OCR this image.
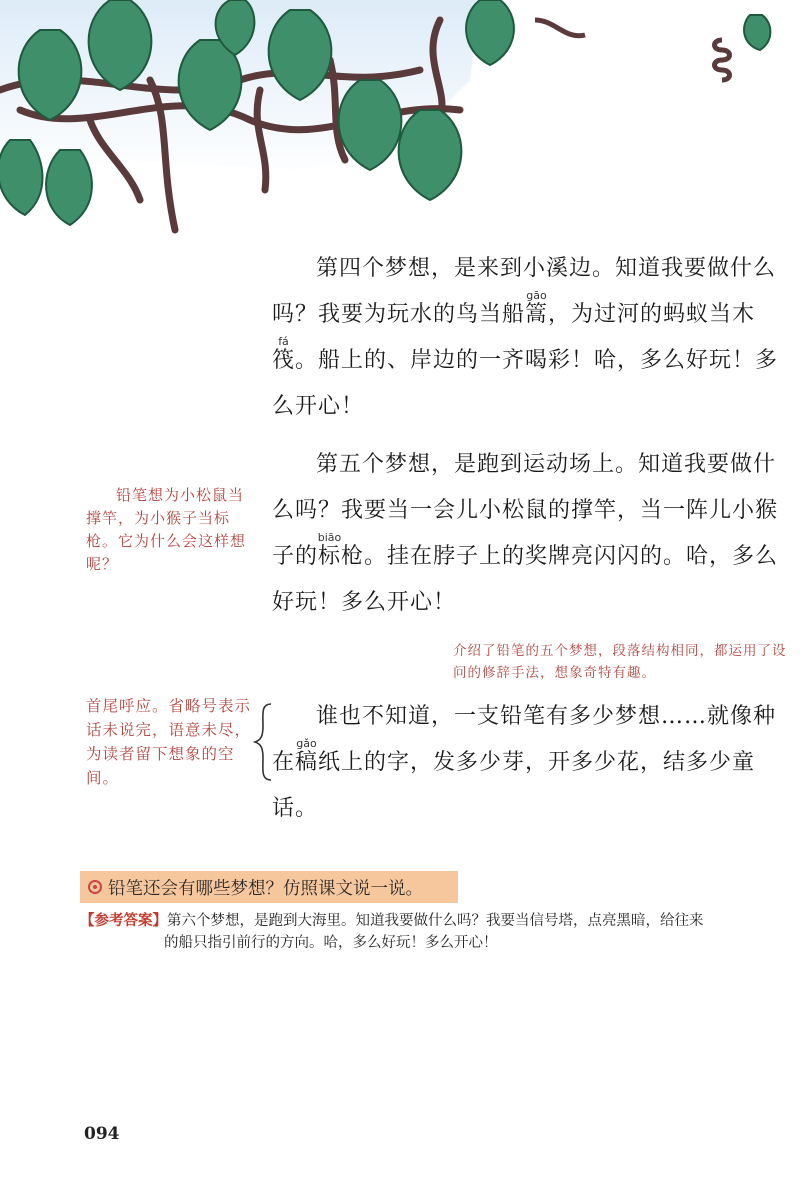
第四个梦想，是来到小溪边。知道我要做什么吗？我要为玩水的鸟当船篙gāo，为过河的蚂蚁当木筏fá。船上的、岸边的一齐喝彩！哈，多么好玩！多么开心！

第五个梦想，是跑到运动场上。知道我要做什么吗？我要当一会儿小松鼠的撑竿，当一阵儿小猴子的标biāo枪。挂在脖子上的奖牌亮闪闪的。哈，多么好玩！多么开心！

介绍了铅笔的五个梦想，段落结构相同，都运用了设问的修辞手法，想象奇特有趣。
铅笔想为小松鼠当撑竿，为小猴子当标枪。它为什么会这样想呢？
首尾呼应。省略号表示话未说完，语意未尽，为读者留下想象的空间。

谁也不知道，一支铅笔有多少梦想……就像种在稿gǎo纸上的字，发多少芽，开多少花，结多少童话。

铅笔还会有哪些梦想？仿照课文说一说。
【参考答案】第六个梦想，是跑到大海里。知道我要做什么吗？我要当信号塔，点亮黑暗，给往来
的船只指引前行的方向。哈，多么好玩！多么开心！
094
